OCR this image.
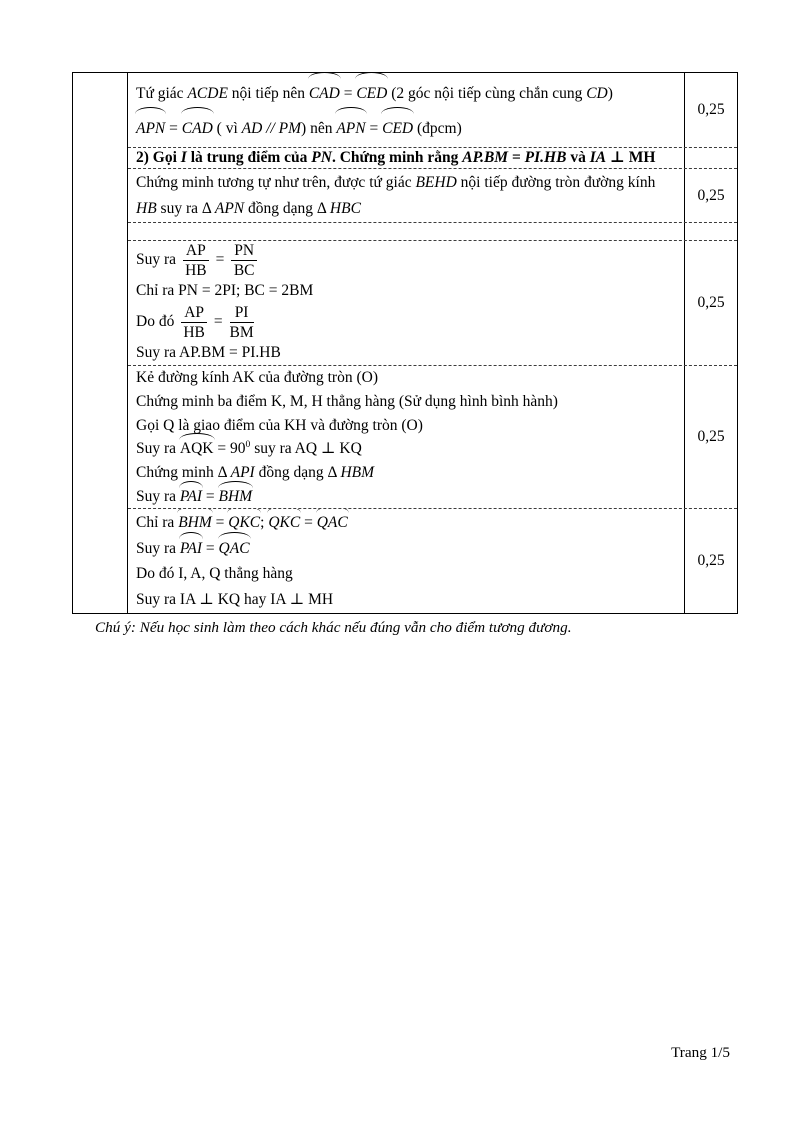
Tứ giác ACDE nội tiếp nên CAD = CED (2 góc nội tiếp cùng chắn cung CD)
APN = CAD ( vì AD // PM) nên APN = CED (đpcm)
0,25
2) Gọi I là trung điểm của PN. Chứng minh rằng AP.BM = PI.HB và IA ⊥ MH
Chứng minh tương tự như trên, được tứ giác BEHD nội tiếp đường tròn đường kính
HB suy ra Δ APN đồng dạng Δ HBC
0,25
Suy ra $\frac{AP}{HB} = \frac{PN}{BC}$
Chỉ ra PN = 2PI; BC = 2BM
Do đó $\frac{AP}{HB} = \frac{PI}{BM}$
Suy ra AP.BM = PI.HB
0,25
Kẻ đường kính AK của đường tròn (O)
Chứng minh ba điểm K, M, H thẳng hàng (Sử dụng hình bình hành)
Gọi Q là giao điểm của KH và đường tròn (O)
Suy ra AQK = $90^0$ suy ra AQ ⊥ KQ
Chứng minh Δ API đồng dạng Δ HBM
Suy ra PAI = BHM
0,25
Chỉ ra BHM = QKC; QKC = QAC
Suy ra PAI = QAC
Do đó I, A, Q thẳng hàng
Suy ra IA ⊥ KQ hay IA ⊥ MH
0,25
Chú ý: Nếu học sinh làm theo cách khác nếu đúng vẫn cho điểm tương đương.
Trang 1/5
